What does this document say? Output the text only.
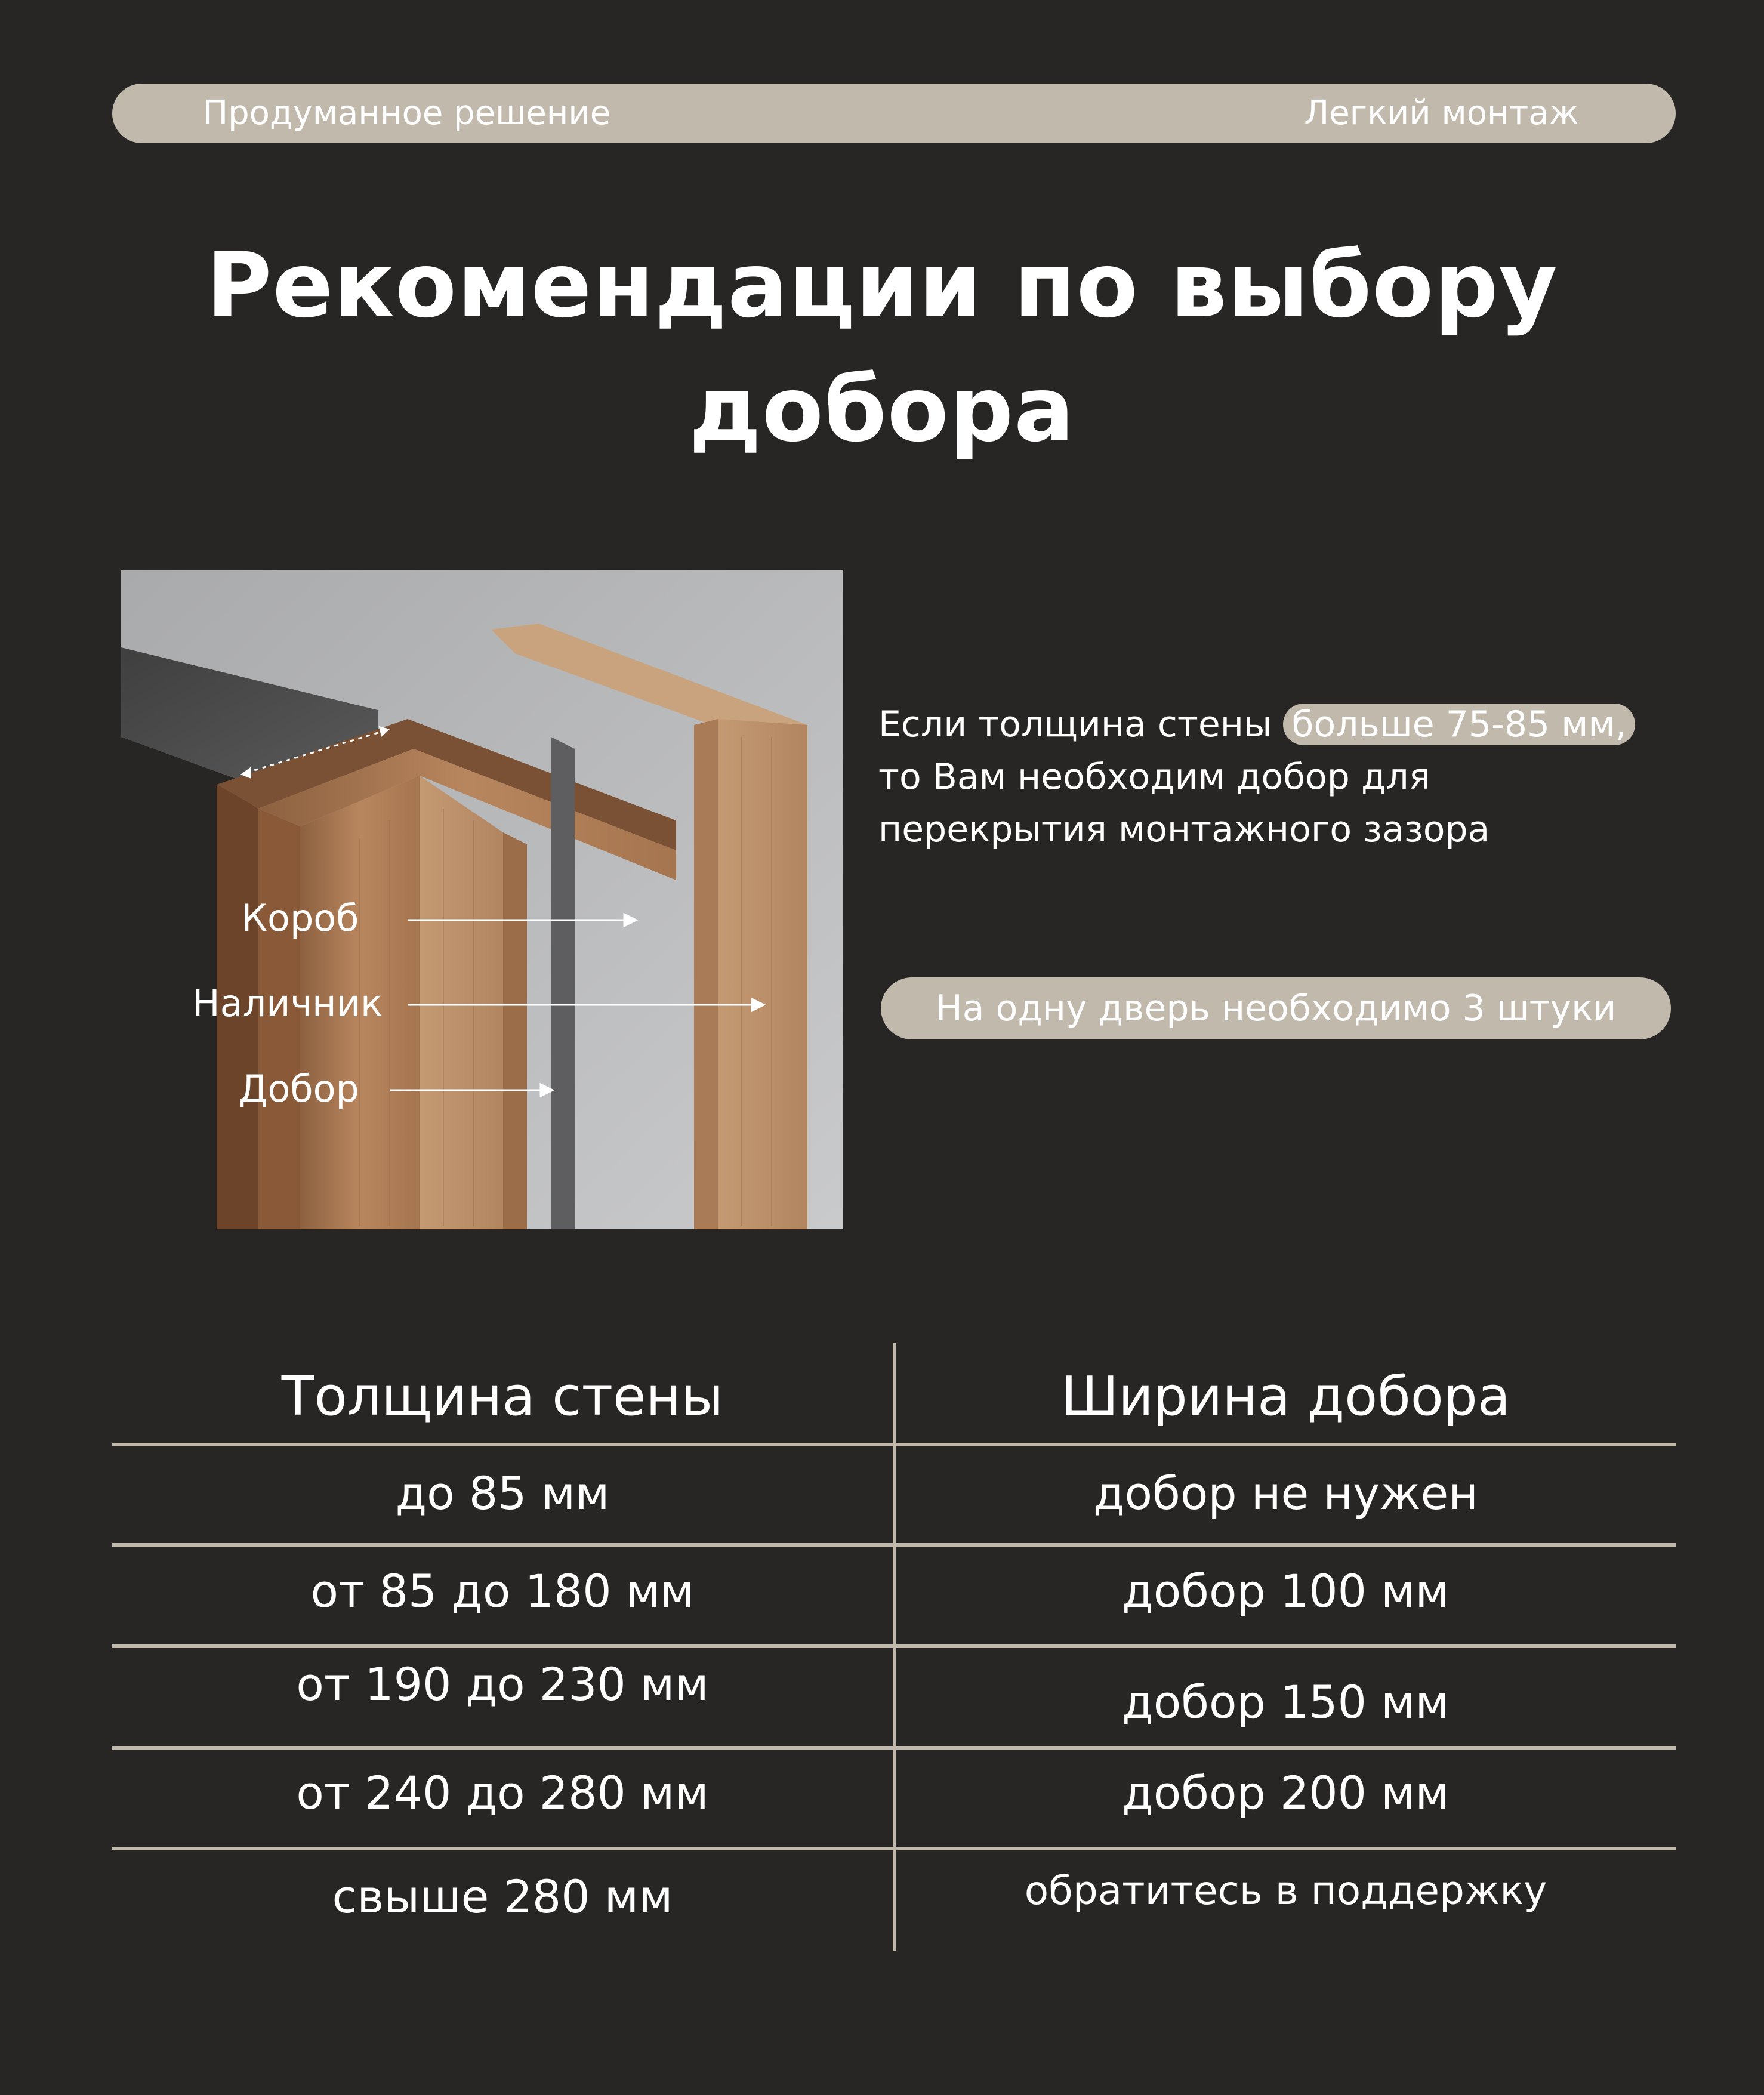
Продуманное решение	Легкий монтаж
Рекомендации по выбору
добора
Короб
Наличник
Добор
Если толщина стены больше 75-85 мм,
то Вам необходим добор для
перекрытия монтажного зазора
На одну дверь необходимо 3 штуки
Толщина стены	Ширина добора
до 85 мм	добор не нужен
от 85 до 180 мм	добор 100 мм
от 190 до 230 мм	добор 150 мм
от 240 до 280 мм	добор 200 мм
свыше 280 мм	обратитесь в поддержку
